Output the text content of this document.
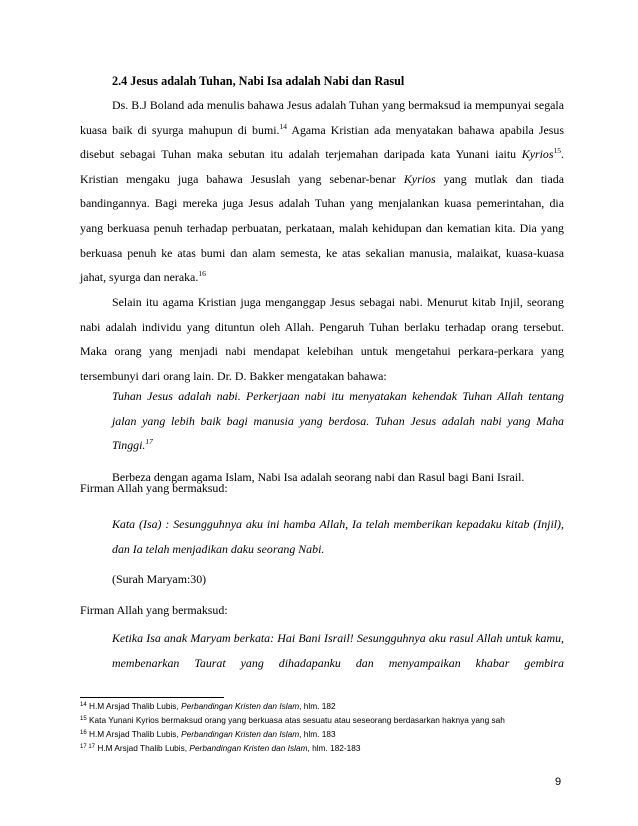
2.4 Jesus adalah Tuhan, Nabi Isa adalah Nabi dan Rasul

Ds. B.J Boland ada menulis bahawa Jesus adalah Tuhan yang bermaksud ia mempunyai segala kuasa baik di syurga mahupun di bumi.$^{14}$ Agama Kristian ada menyatakan bahawa apabila Jesus disebut sebagai Tuhan maka sebutan itu adalah terjemahan daripada kata Yunani iaitu Kyrios$^{15}$. Kristian mengaku juga bahawa Jesuslah yang sebenar-benar Kyrios yang mutlak dan tiada bandingannya. Bagi mereka juga Jesus adalah Tuhan yang menjalankan kuasa pemerintahan, dia yang berkuasa penuh terhadap perbuatan, perkataan, malah kehidupan dan kematian kita. Dia yang berkuasa penuh ke atas bumi dan alam semesta, ke atas sekalian manusia, malaikat, kuasa-kuasa jahat, syurga dan neraka.$^{16}$

Selain itu agama Kristian juga menganggap Jesus sebagai nabi. Menurut kitab Injil, seorang nabi adalah individu yang dituntun oleh Allah. Pengaruh Tuhan berlaku terhadap orang tersebut. Maka orang yang menjadi nabi mendapat kelebihan untuk mengetahui perkara-perkara yang tersembunyi dari orang lain. Dr. D. Bakker mengatakan bahawa:

Tuhan Jesus adalah nabi. Perkerjaan nabi itu menyatakan kehendak Tuhan Allah tentang jalan yang lebih baik bagi manusia yang berdosa. Tuhan Jesus adalah nabi yang Maha Tinggi.$^{17}$

Berbeza dengan agama Islam, Nabi Isa adalah seorang nabi dan Rasul bagi Bani Israil.

Firman Allah yang bermaksud:

Kata (Isa) : Sesungguhnya aku ini hamba Allah, Ia telah memberikan kepadaku kitab (Injil), dan Ia telah menjadikan daku seorang Nabi.

(Surah Maryam:30)
Firman Allah yang bermaksud:

Ketika Isa anak Maryam berkata: Hai Bani Israil! Sesungguhnya aku rasul Allah untuk kamu, membenarkan Taurat yang dihadapanku dan menyampaikan khabar gembira

$^{14}$ H.M Arsjad Thalib Lubis, Perbandingan Kristen dan Islam, hlm. 182
$^{15}$ Kata Yunani Kyrios bermaksud orang yang berkuasa atas sesuatu atau seseorang berdasarkan haknya yang sah
$^{16}$ H.M Arsjad Thalib Lubis, Perbandingan Kristen dan Islam, hlm. 183
$^{17 17}$ H.M Arsjad Thalib Lubis, Perbandingan Kristen dan Islam, hlm. 182-183
9
